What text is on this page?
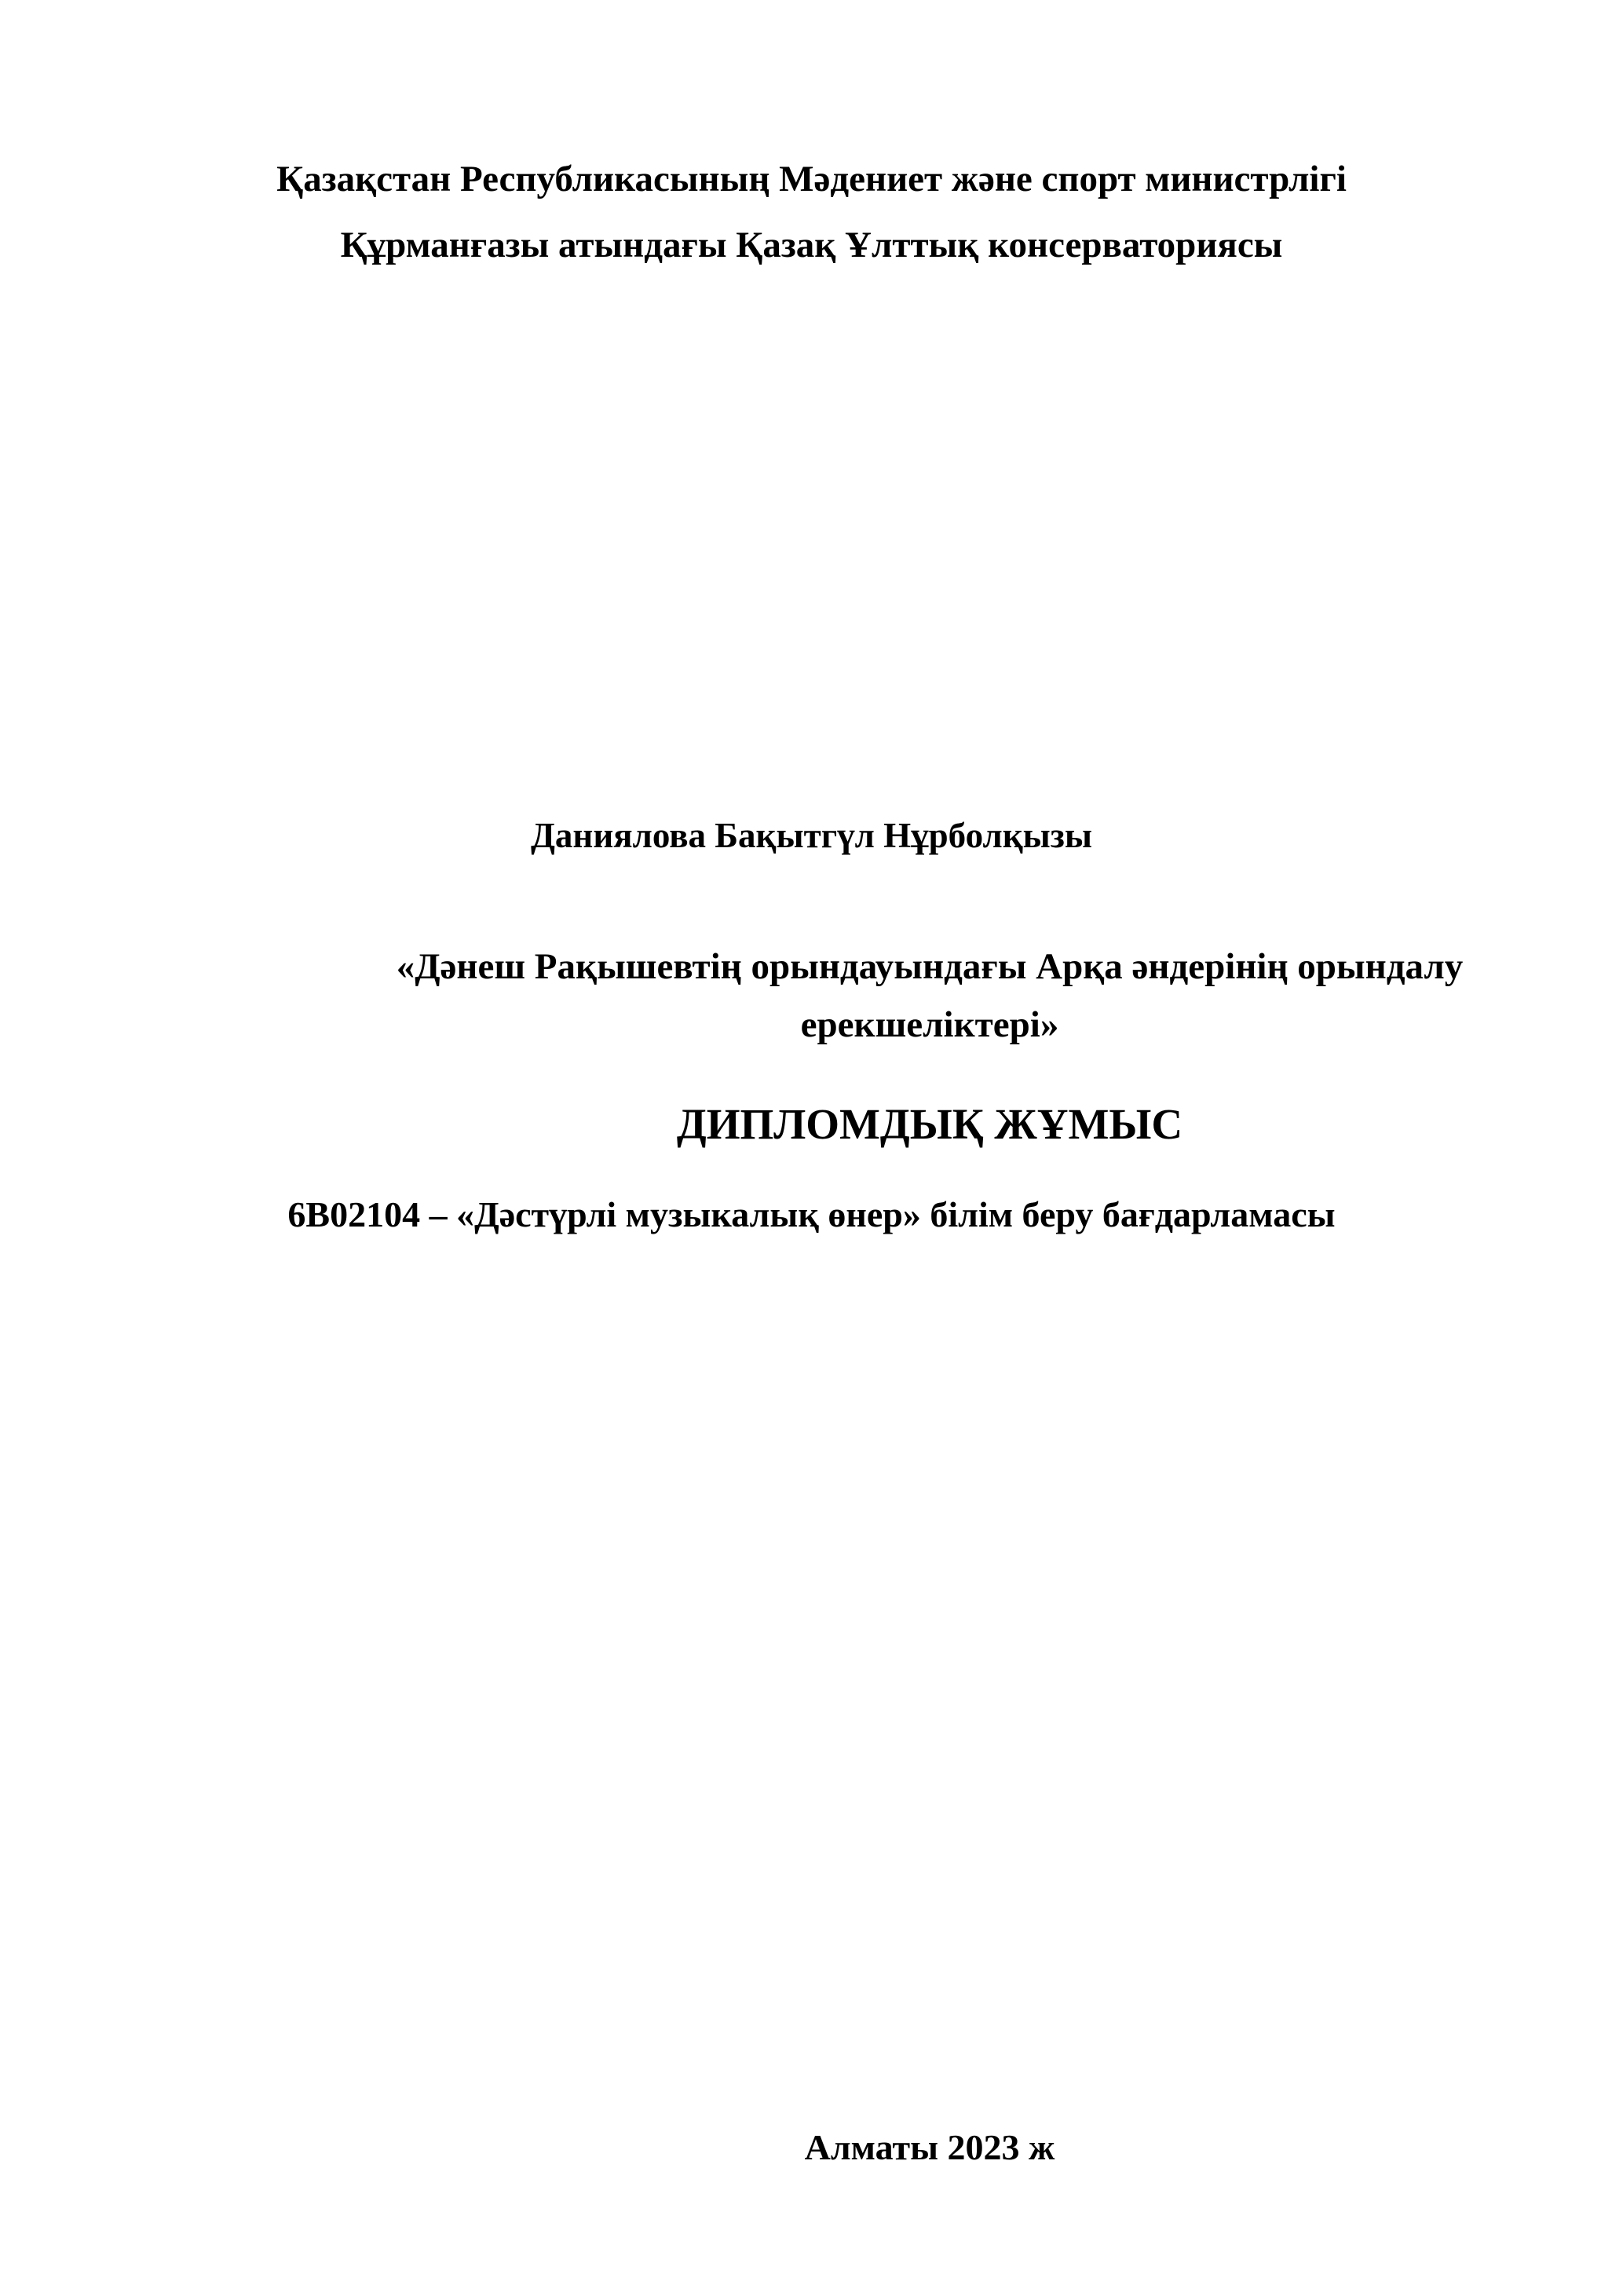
Қазақстан Республикасының Мәдениет және спорт министрлігі
Құрманғазы атындағы Қазақ Ұлттық консерваториясы
Даниялова Бақытгүл Нұрболқызы
«Дәнеш Рақышевтің орындауындағы Арқа әндерінің орындалу
ерекшеліктері»
ДИПЛОМДЫҚ ЖҰМЫС
6В02104 – «Дәстүрлі музыкалық өнер» білім беру бағдарламасы
Алматы 2023 ж
